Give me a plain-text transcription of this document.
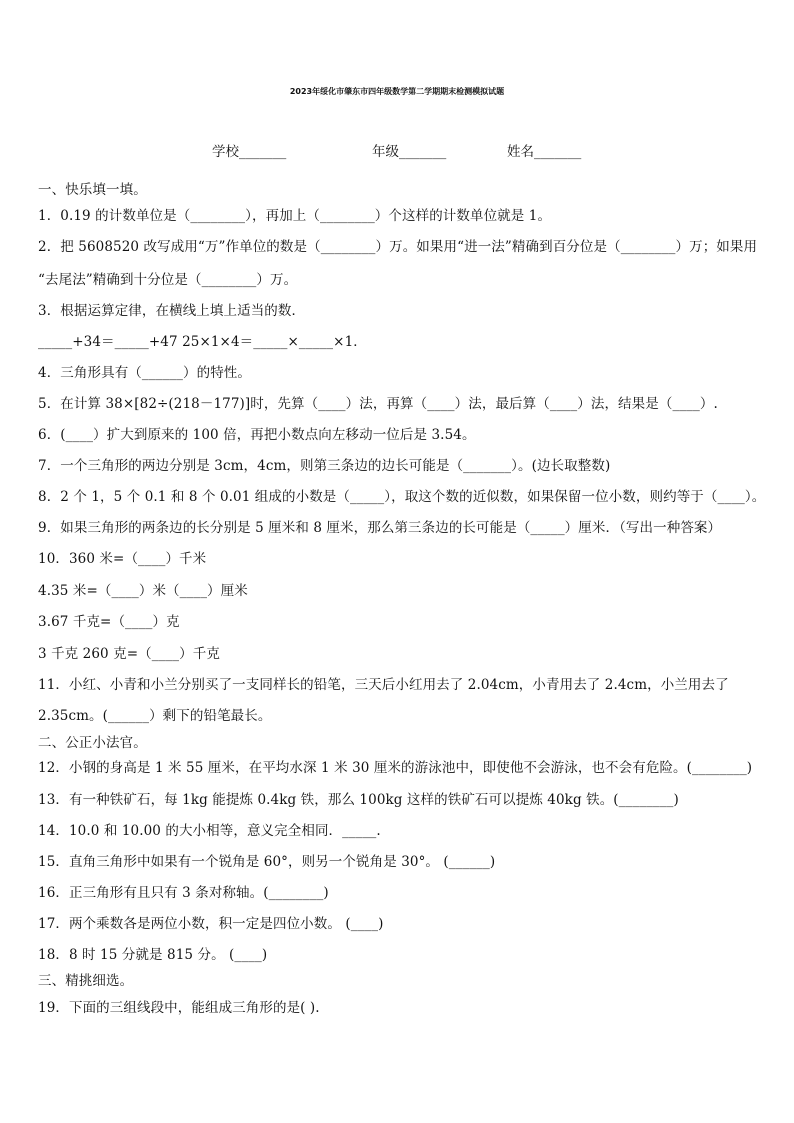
2023年绥化市肇东市四年级数学第二学期期末检测模拟试题
学校_______	年级_______	姓名_______
一、快乐填一填。
1．0.19 的计数单位是（________），再加上（________）个这样的计数单位就是 1。
2．把 5608520 改写成用“万”作单位的数是（________）万。如果用“进一法”精确到百分位是（________）万；如果用
“去尾法”精确到十分位是（________）万。
3．根据运算定律，在横线上填上适当的数．
_____+34＝_____+47 25×1×4＝_____×_____×1．
4．三角形具有（______）的特性。
5．在计算 38×[82÷(218－177)]时，先算（____）法，再算（____）法，最后算（____）法，结果是（____）.
6．(____）扩大到原来的 100 倍，再把小数点向左移动一位后是 3.54。
7．一个三角形的两边分别是 3cm，4cm，则第三条边的边长可能是（_______）。(边长取整数)
8．2 个 1，5 个 0.1 和 8 个 0.01 组成的小数是（_____），取这个数的近似数，如果保留一位小数，则约等于（____）。
9．如果三角形的两条边的长分别是 5 厘米和 8 厘米，那么第三条边的长可能是（_____）厘米．（写出一种答案）
10．360 米=（____）千米
4.35 米=（____）米（____）厘米
3.67 千克=（____）克
3 千克 260 克=（____）千克
11．小红、小青和小兰分别买了一支同样长的铅笔，三天后小红用去了 2.04cm，小青用去了 2.4cm，小兰用去了
2.35cm。(______）剩下的铅笔最长。
二、公正小法官。
12．小钢的身高是 1 米 55 厘米，在平均水深 1 米 30 厘米的游泳池中，即使他不会游泳，也不会有危险。(________)
13．有一种铁矿石，每 1kg 能提炼 0.4kg 铁，那么 100kg 这样的铁矿石可以提炼 40kg 铁。(________)
14．10.0 和 10.00 的大小相等，意义完全相同．_____.
15．直角三角形中如果有一个锐角是 60°，则另一个锐角是 30°。 (______)
16．正三角形有且只有 3 条对称轴。(________)
17．两个乘数各是两位小数，积一定是四位小数。 (____)
18．8 时 15 分就是 815 分。 (____)
三、精挑细选。
19．下面的三组线段中，能组成三角形的是( ).
